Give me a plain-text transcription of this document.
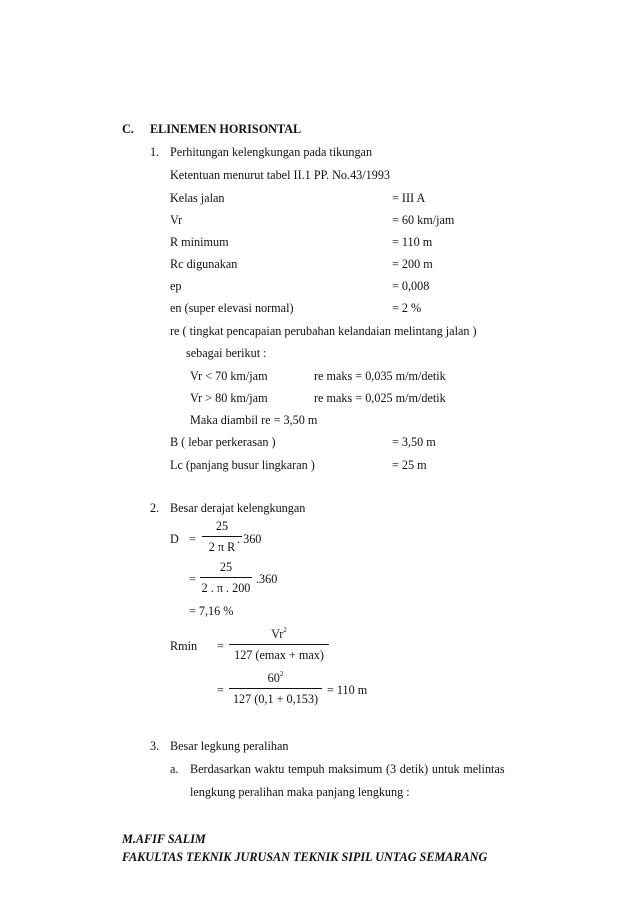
C. ELINEMEN HORISONTAL
1. Perhitungan kelengkungan pada tikungan
Ketentuan menurut tabel II.1 PP. No.43/1993
Kelas jalan	= III A
Vr	= 60 km/jam
R minimum	= 110 m
Rc digunakan	= 200 m
ep	= 0,008
en (super elevasi normal)	= 2 %
re ( tingkat pencapaian perubahan kelandaian melintang jalan )
sebagai berikut :
Vr < 70 km/jam	re maks = 0,035 m/m/detik
Vr > 80 km/jam	re maks = 0,025 m/m/detik
Maka diambil re = 3,50 m
B ( lebar perkerasan )	= 3,50 m
Lc (panjang busur lingkaran )	= 25 m
2. Besar derajat kelengkungan
D =
25
2 π R
. 360
=
25
2 . π . 200
.360
= 7,16 %
Rmin =
$Vr^2$
127 (emax + max)
=
$60^2$
127 (0,1 + 0,153)
= 110 m
3. Besar legkung peralihan
a. Berdasarkan waktu tempuh maksimum (3 detik) untuk melintas
lengkung peralihan maka panjang lengkung :
M.AFIF SALIM
FAKULTAS TEKNIK JURUSAN TEKNIK SIPIL UNTAG SEMARANG
